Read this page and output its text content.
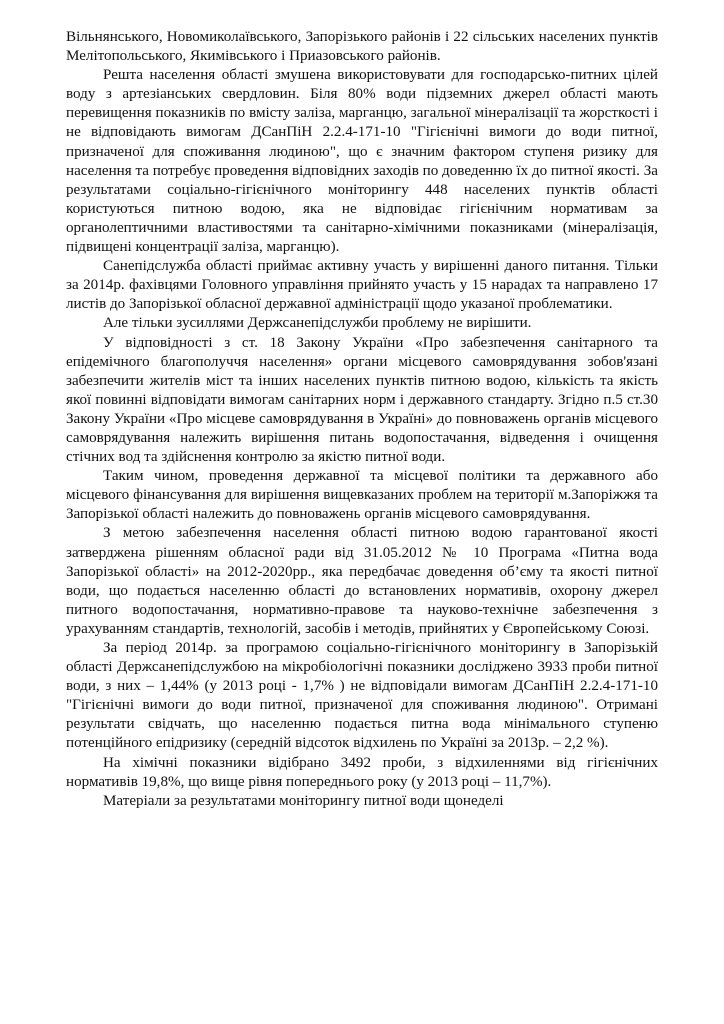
Вільнянського, Новомиколаївського, Запорізького районів і 22 сільських населених пунктів Мелітопольського, Якимівського і Приазовського районів.

Решта населення області змушена використовувати для господарсько-питних цілей воду з артезіанських свердловин. Біля 80% води підземних джерел області мають перевищення показників по вмісту заліза, марганцю, загальної мінералізації та жорсткості і не відповідають вимогам ДСанПіН 2.2.4-171-10 "Гігієнічні вимоги до води питної, призначеної для споживання людиною", що є значним фактором ступеня ризику для населення та потребує проведення відповідних заходів по доведенню їх до питної якості. За результатами соціально-гігієнічного моніторингу 448 населених пунктів області користуються питною водою, яка не відповідає гігієнічним нормативам за органолептичними властивостями та санітарно-хімічними показниками (мінералізація, підвищені концентрації заліза, марганцю).

Санепідслужба області приймає активну участь у вирішенні даного питання. Тільки за 2014р. фахівцями Головного управління прийнято участь у 15 нарадах та направлено 17 листів до Запорізької обласної державної адміністрації щодо указаної проблематики.

Але тільки зусиллями Держсанепідслужби проблему не вирішити.

У відповідності з ст. 18 Закону України «Про забезпечення санітарного та епідемічного благополуччя населення» органи місцевого самоврядування зобов'язані забезпечити жителів міст та інших населених пунктів питною водою, кількість та якість якої повинні відповідати вимогам санітарних норм і державного стандарту. Згідно п.5 ст.30 Закону України «Про місцеве самоврядування в Україні» до повноважень органів місцевого самоврядування належить вирішення питань водопостачання, відведення і очищення стічних вод та здійснення контролю за якістю питної води.

Таким чином, проведення державної та місцевої політики та державного або місцевого фінансування для вирішення вищевказаних проблем на території м.Запоріжжя та Запорізької області належить до повноважень органів місцевого самоврядування.

З метою забезпечення населення області питною водою гарантованої якості затверджена рішенням обласної ради від 31.05.2012 № 10 Програма «Питна вода Запорізької області» на 2012-2020рр., яка передбачає доведення об’єму та якості питної води, що подається населенню області до встановлених нормативів, охорону джерел питного водопостачання, нормативно-правове та науково-технічне забезпечення з урахуванням стандартів, технологій, засобів і методів, прийнятих у Європейському Союзі.

За період 2014р. за програмою соціально-гігієнічного моніторингу в Запорізькій області Держсанепідслужбою на мікробіологічні показники досліджено 3933 проби питної води, з них – 1,44% (у 2013 році - 1,7% ) не відповідали вимогам ДСанПіН 2.2.4-171-10 "Гігієнічні вимоги до води питної, призначеної для споживання людиною". Отримані результати свідчать, що населенню подається питна вода мінімального ступеню потенційного епідризику (середній відсоток відхилень по Україні за 2013р. – 2,2 %).

На хімічні показники відібрано 3492 проби, з відхиленнями від гігієнічних нормативів 19,8%, що вище рівня попереднього року (у 2013 році – 11,7%).

Матеріали за результатами моніторингу питної води щонеделі
